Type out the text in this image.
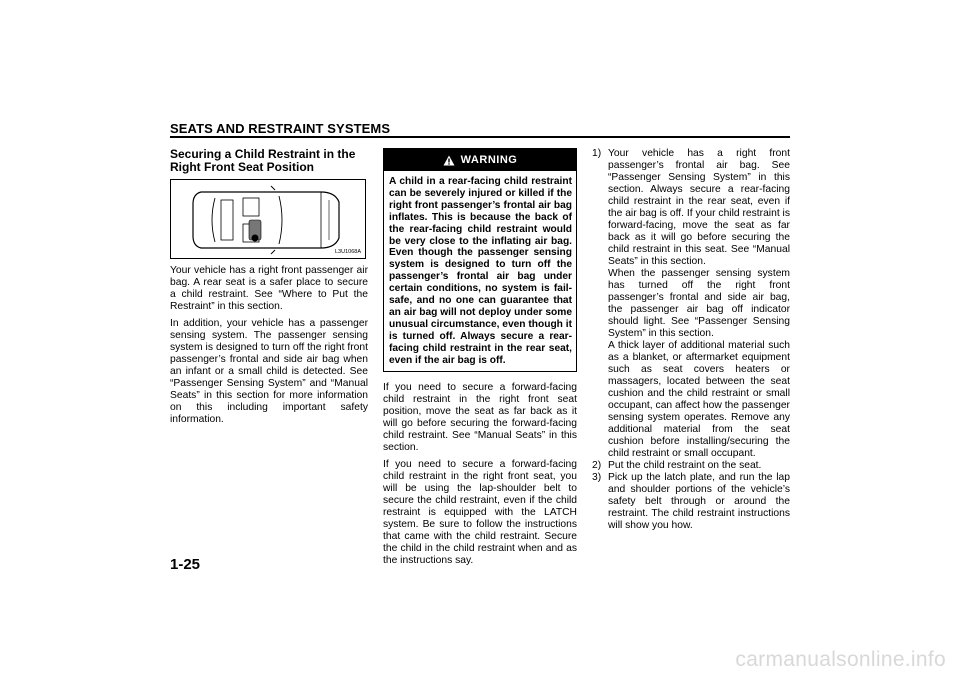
SEATS AND RESTRAINT SYSTEMS
Securing a Child Restraint in the Right Front Seat Position
L3U1068A

Your vehicle has a right front passenger air bag. A rear seat is a safer place to secure a child restraint. See “Where to Put the Restraint” in this section.

In addition, your vehicle has a passenger sensing system. The passenger sensing system is designed to turn off the right front passenger’s frontal and side air bag when an infant or a small child is detected. See “Passenger Sensing System” and “Manual Seats” in this section for more information on this including important safety information.

WARNING
A child in a rear-facing child restraint can be severely injured or killed if the right front passenger’s frontal air bag inflates. This is because the back of the rear-facing child restraint would be very close to the inflating air bag. Even though the passenger sensing system is designed to turn off the passenger’s frontal air bag under certain conditions, no system is fail-safe, and no one can guarantee that an air bag will not deploy under some unusual circumstance, even though it is turned off. Always secure a rear-facing child restraint in the rear seat, even if the air bag is off.

If you need to secure a forward-facing child restraint in the right front seat position, move the seat as far back as it will go before securing the forward-facing child restraint. See “Manual Seats” in this section.

If you need to secure a forward-facing child restraint in the right front seat, you will be using the lap-shoulder belt to secure the child restraint, even if the child restraint is equipped with the LATCH system. Be sure to follow the instructions that came with the child restraint. Secure the child in the child restraint when and as the instructions say.

1) Your vehicle has a right front passenger’s frontal air bag. See “Passenger Sensing System” in this section. Always secure a rear-facing child restraint in the rear seat, even if the air bag is off. If your child restraint is forward-facing, move the seat as far back as it will go before securing the child restraint in this seat. See “Manual Seats” in this section.

When the passenger sensing system has turned off the right front passenger’s frontal and side air bag, the passenger air bag off indicator should light. See “Passenger Sensing System” in this section.

A thick layer of additional material such as a blanket, or aftermarket equipment such as seat covers heaters or massagers, located between the seat cushion and the child restraint or small occupant, can affect how the passenger sensing system operates. Remove any additional material from the seat cushion before installing/securing the child restraint or small occupant.

2) Put the child restraint on the seat.

3) Pick up the latch plate, and run the lap and shoulder portions of the vehicle’s safety belt through or around the restraint. The child restraint instructions will show you how.

1-25
carmanualsonline.info
